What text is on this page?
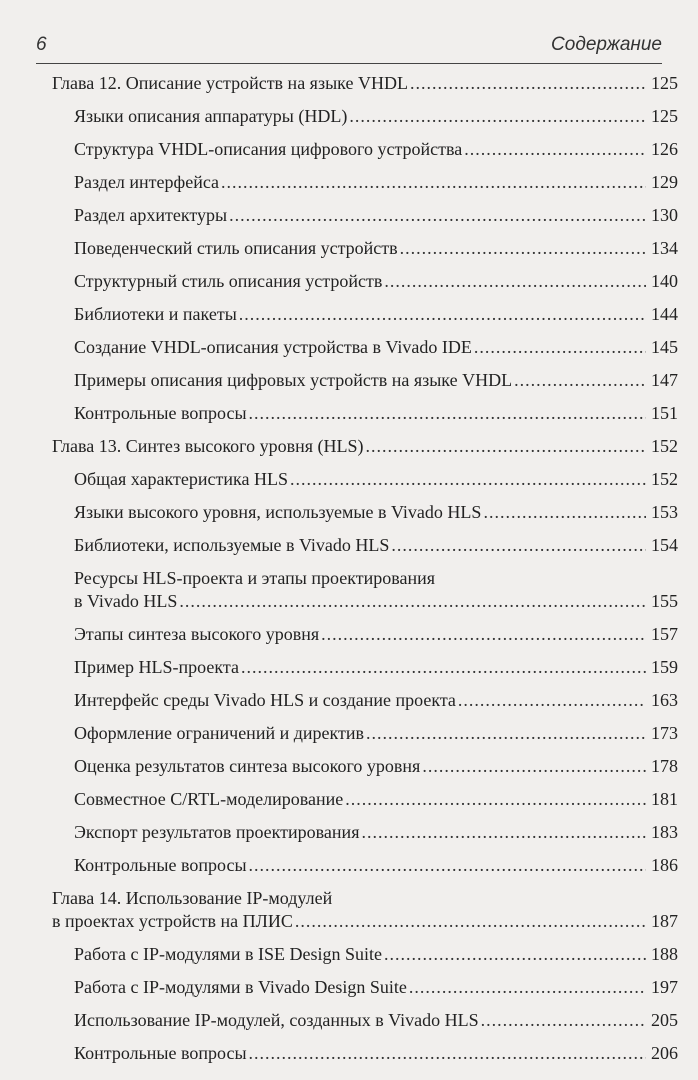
6	Содержание
Глава 12. Описание устройств на языке VHDL .....	125
Языки описания аппаратуры (HDL) .....	125
Структура VHDL-описания цифрового устройства .....	126
Раздел интерфейса .....	129
Раздел архитектуры .....	130
Поведенческий стиль описания устройств .....	134
Структурный стиль описания устройств .....	140
Библиотеки и пакеты .....	144
Создание VHDL-описания устройства в Vivado IDE .....	145
Примеры описания цифровых устройств на языке VHDL .....	147
Контрольные вопросы .....	151
Глава 13. Синтез высокого уровня (HLS) .....	152
Общая характеристика HLS .....	152
Языки высокого уровня, используемые в Vivado HLS .....	153
Библиотеки, используемые в Vivado HLS .....	154
Ресурсы HLS-проекта и этапы проектирования
в Vivado HLS .....	155
Этапы синтеза высокого уровня .....	157
Пример HLS-проекта .....	159
Интерфейс среды Vivado HLS и создание проекта .....	163
Оформление ограничений и директив .....	173
Оценка результатов синтеза высокого уровня .....	178
Совместное C/RTL-моделирование .....	181
Экспорт результатов проектирования .....	183
Контрольные вопросы .....	186
Глава 14. Использование IP-модулей
в проектах устройств на ПЛИС .....	187
Работа с IP-модулями в ISE Design Suite .....	188
Работа с IP-модулями в Vivado Design Suite .....	197
Использование IP-модулей, созданных в Vivado HLS .....	205
Контрольные вопросы .....	206
